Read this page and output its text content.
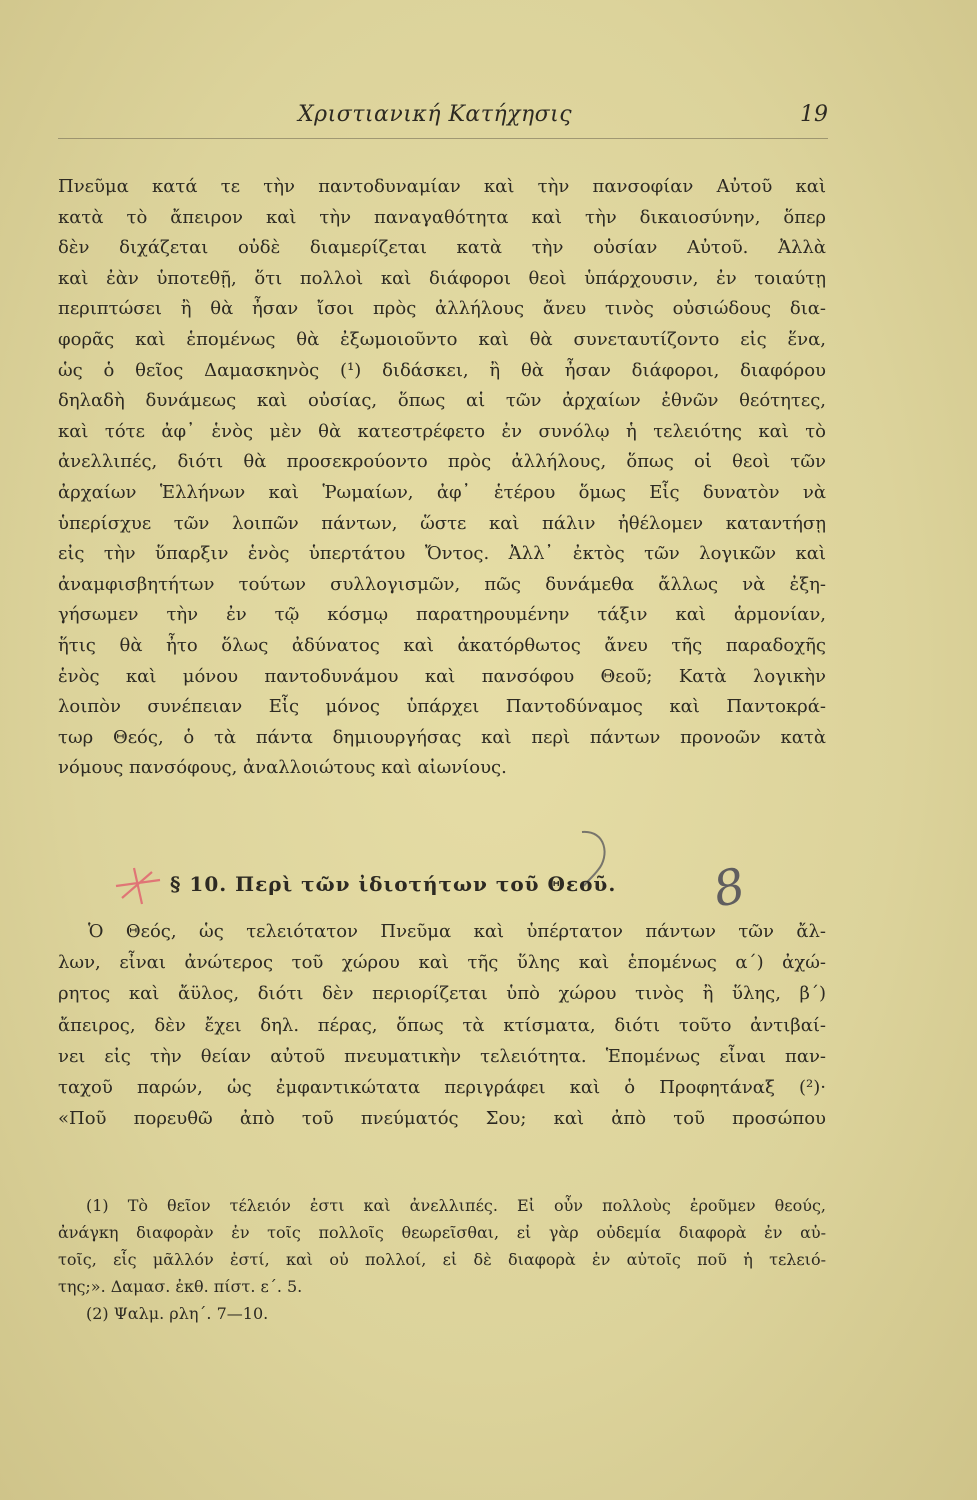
Χριστιανική Κατήχησις	19
Πνεῦμα κατά τε τὴν παντοδυναμίαν καὶ τὴν πανσοφίαν Αὐτοῦ καὶ
κατὰ τὸ ἄπειρον καὶ τὴν παναγαθότητα καὶ τὴν δικαιοσύνην, ὅπερ
δὲν διχάζεται οὐδὲ διαμερίζεται κατὰ τὴν οὐσίαν Αὐτοῦ. Ἀλλὰ
καὶ ἐὰν ὑποτεθῇ, ὅτι πολλοὶ καὶ διάφοροι θεοὶ ὑπάρχουσιν, ἐν τοιαύτῃ
περιπτώσει ἢ θὰ ἦσαν ἴσοι πρὸς ἀλλήλους ἄνευ τινὸς οὐσιώδους δια-
φορᾶς καὶ ἑπομένως θὰ ἐξωμοιοῦντο καὶ θὰ συνεταυτίζοντο εἰς ἕνα,
ὡς ὁ θεῖος Δαμασκηνὸς (¹) διδάσκει, ἢ θὰ ἦσαν διάφοροι, διαφόρου
δηλαδὴ δυνάμεως καὶ οὐσίας, ὅπως αἱ τῶν ἀρχαίων ἐθνῶν θεότητες,
καὶ τότε ἀφ᾽ ἑνὸς μὲν θὰ κατεστρέφετο ἐν συνόλῳ ἡ τελειότης καὶ τὸ
ἀνελλιπές, διότι θὰ προσεκρούοντο πρὸς ἀλλήλους, ὅπως οἱ θεοὶ τῶν
ἀρχαίων Ἑλλήνων καὶ Ῥωμαίων, ἀφ᾽ ἑτέρου ὅμως Εἷς δυνατὸν νὰ
ὑπερίσχυε τῶν λοιπῶν πάντων, ὥστε καὶ πάλιν ἠθέλομεν καταντήσῃ
εἰς τὴν ὕπαρξιν ἑνὸς ὑπερτάτου Ὄντος. Ἀλλ᾽ ἐκτὸς τῶν λογικῶν καὶ
ἀναμφισβητήτων τούτων συλλογισμῶν, πῶς δυνάμεθα ἄλλως νὰ ἐξη-
γήσωμεν τὴν ἐν τῷ κόσμῳ παρατηρουμένην τάξιν καὶ ἁρμονίαν,
ἥτις θὰ ἦτο ὅλως ἀδύνατος καὶ ἀκατόρθωτος ἄνευ τῆς παραδοχῆς
ἑνὸς καὶ μόνου παντοδυνάμου καὶ πανσόφου Θεοῦ; Κατὰ λογικὴν
λοιπὸν συνέπειαν Εἷς μόνος ὑπάρχει Παντοδύναμος καὶ Παντοκρά-
τωρ Θεός, ὁ τὰ πάντα δημιουργήσας καὶ περὶ πάντων προνοῶν κατὰ
νόμους πανσόφους, ἀναλλοιώτους καὶ αἰωνίους.
§ 10. Περὶ τῶν ἰδιοτήτων τοῦ Θεοῦ. 8
Ὁ Θεός, ὡς τελειότατον Πνεῦμα καὶ ὑπέρτατον πάντων τῶν ἄλ-
λων, εἶναι ἀνώτερος τοῦ χώρου καὶ τῆς ὕλης καὶ ἑπομένως α΄) ἀχώ-
ρητος καὶ ἄϋλος, διότι δὲν περιορίζεται ὑπὸ χώρου τινὸς ἢ ὕλης, β΄)
ἄπειρος, δὲν ἔχει δηλ. πέρας, ὅπως τὰ κτίσματα, διότι τοῦτο ἀντιβαί-
νει εἰς τὴν θείαν αὐτοῦ πνευματικὴν τελειότητα. Ἑπομένως εἶναι παν-
ταχοῦ παρών, ὡς ἐμφαντικώτατα περιγράφει καὶ ὁ Προφητάναξ (²)·
«Ποῦ πορευθῶ ἀπὸ τοῦ πνεύματός Σου; καὶ ἀπὸ τοῦ προσώπου
(1) Τὸ θεῖον τέλειόν ἐστι καὶ ἀνελλιπές. Εἰ οὖν πολλοὺς ἐροῦμεν θεούς,
ἀνάγκη διαφορὰν ἐν τοῖς πολλοῖς θεωρεῖσθαι, εἰ γὰρ οὐδεμία διαφορὰ ἐν αὐ-
τοῖς, εἷς μᾶλλόν ἐστί, καὶ οὐ πολλοί, εἰ δὲ διαφορὰ ἐν αὐτοῖς ποῦ ἡ τελειό-
της;». Δαμασ. ἐκθ. πίστ. ε΄. 5.
(2) Ψαλμ. ρλη΄. 7—10.
